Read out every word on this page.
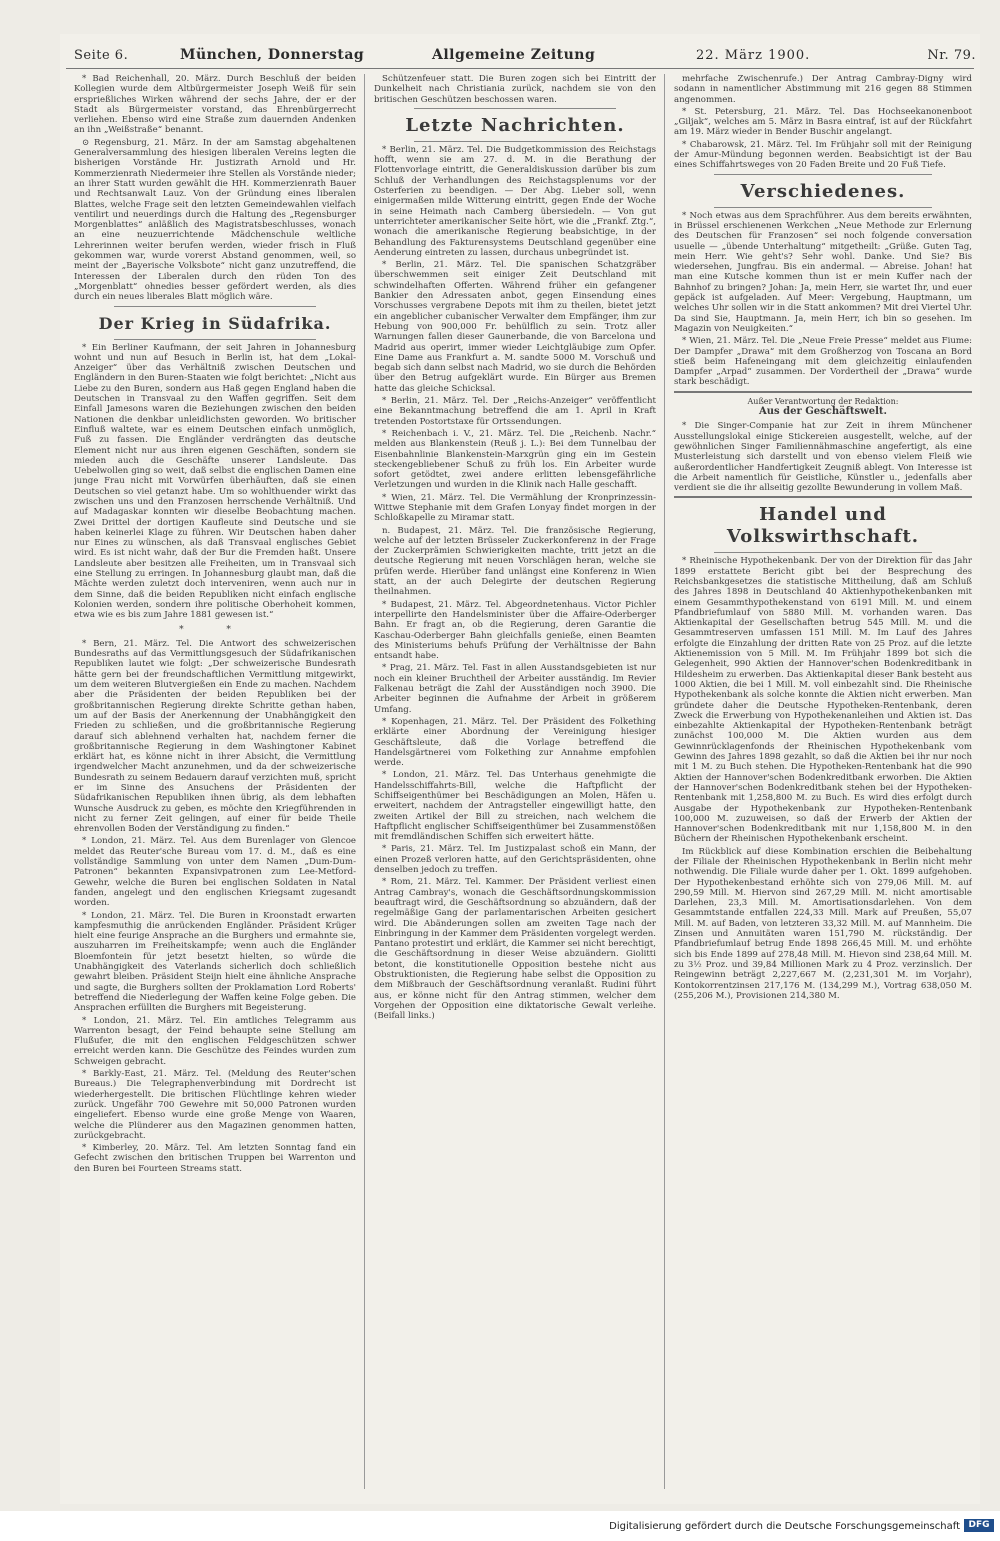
Seite 6.	München, Donnerstag	Allgemeine Zeitung	22. März 1900.	Nr. 79.

* Bad Reichenhall, 20. März. Durch Beschluß der beiden Kollegien wurde dem Altbürgermeister Joseph Weiß für sein ersprießliches Wirken während der sechs Jahre, der er der Stadt als Bürgermeister vorstand, das Ehrenbürgerrecht verliehen. Ebenso wird eine Straße zum dauernden Andenken an ihn „Weißstraße“ benannt.

⊙ Regensburg, 21. März. In der am Samstag abgehaltenen Generalversammlung des hiesigen liberalen Vereins legten die bisherigen Vorstände Hr. Justizrath Arnold und Hr. Kommerzienrath Niedermeier ihre Stellen als Vorstände nieder; an ihrer Statt wurden gewählt die HH. Kommerzienrath Bauer und Rechtsanwalt Lauz. Von der Gründung eines liberalen Blattes, welche Frage seit den letzten Gemeindewahlen vielfach ventilirt und neuerdings durch die Haltung des „Regensburger Morgenblattes“ anläßlich des Magistratsbeschlusses, wonach an eine neuzuerrichtende Mädchenschule weltliche Lehrerinnen weiter berufen werden, wieder frisch in Fluß gekommen war, wurde vorerst Abstand genommen, weil, so meint der „Bayerische Volksbote“ nicht ganz unzutreffend, die Interessen der Liberalen durch den rüden Ton des „Morgenblatt“ ohnedies besser gefördert werden, als dies durch ein neues liberales Blatt möglich wäre.

Der Krieg in Südafrika.

* Ein Berliner Kaufmann, der seit Jahren in Johannesburg wohnt und nun auf Besuch in Berlin ist, hat dem „Lokal-Anzeiger“ über das Verhältniß zwischen Deutschen und Engländern in den Buren-Staaten wie folgt berichtet: „Nicht aus Liebe zu den Buren, sondern aus Haß gegen England haben die Deutschen in Transvaal zu den Waffen gegriffen. Seit dem Einfall Jamesons waren die Beziehungen zwischen den beiden Nationen die denkbar unleidlichsten geworden. Wo britischer Einfluß waltete, war es einem Deutschen einfach unmöglich, Fuß zu fassen. Die Engländer verdrängten das deutsche Element nicht nur aus ihren eigenen Geschäften, sondern sie mieden auch die Geschäfte unserer Landsleute. Das Uebelwollen ging so weit, daß selbst die englischen Damen eine junge Frau nicht mit Vorwürfen überhäuften, daß sie einen Deutschen so viel getanzt habe. Um so wohlthuender wirkt das zwischen uns und den Franzosen herrschende Verhältniß. Und auf Madagaskar konnten wir dieselbe Beobachtung machen. Zwei Drittel der dortigen Kaufleute sind Deutsche und sie haben keinerlei Klage zu führen. Wir Deutschen haben daher nur Eines zu wünschen, als daß Transvaal englisches Gebiet wird. Es ist nicht wahr, daß der Bur die Fremden haßt. Unsere Landsleute aber besitzen alle Freiheiten, um in Transvaal sich eine Stellung zu erringen. In Johannesburg glaubt man, daß die Mächte werden zuletzt doch interveniren, wenn auch nur in dem Sinne, daß die beiden Republiken nicht einfach englische Kolonien werden, sondern ihre politische Oberhoheit kommen, etwa wie es bis zum Jahre 1881 gewesen ist.“

* *

* Bern, 21. März. Tel. Die Antwort des schweizerischen Bundesraths auf das Vermittlungsgesuch der Südafrikanischen Republiken lautet wie folgt: „Der schweizerische Bundesrath hätte gern bei der freundschaftlichen Vermittlung mitgewirkt, um dem weiteren Blutvergießen ein Ende zu machen. Nachdem aber die Präsidenten der beiden Republiken bei der großbritannischen Regierung direkte Schritte gethan haben, um auf der Basis der Anerkennung der Unabhängigkeit den Frieden zu schließen, und die großbritannische Regierung darauf sich ablehnend verhalten hat, nachdem ferner die großbritannische Regierung in dem Washingtoner Kabinet erklärt hat, es könne nicht in ihrer Absicht, die Vermittlung irgendwelcher Macht anzunehmen, und da der schweizerische Bundesrath zu seinem Bedauern darauf verzichten muß, spricht er im Sinne des Ansuchens der Präsidenten der Südafrikanischen Republiken ihnen übrig, als dem lebhaften Wunsche Ausdruck zu geben, es möchte den Kriegführenden in nicht zu ferner Zeit gelingen, auf einer für beide Theile ehrenvollen Boden der Verständigung zu finden.“

* London, 21. März. Tel. Aus dem Burenlager von Glencoe meldet das Reuter'sche Bureau vom 17. d. M., daß es eine vollständige Sammlung von unter dem Namen „Dum-Dum-Patronen“ bekannten Expansivpatronen zum Lee-Metford-Gewehr, welche die Buren bei englischen Soldaten in Natal fanden, angelegt und den englischen Kriegsamt zugesandt worden.

* London, 21. März. Tel. Die Buren in Kroonstadt erwarten kampfesmuthig die anrückenden Engländer. Präsident Krüger hielt eine feurige Ansprache an die Burghers und ermahnte sie, auszuharren im Freiheitskampfe; wenn auch die Engländer Bloemfontein für jetzt besetzt hielten, so würde die Unabhängigkeit des Vaterlands sicherlich doch schließlich gewahrt bleiben. Präsident Steijn hielt eine ähnliche Ansprache und sagte, die Burghers sollten der Proklamation Lord Roberts' betreffend die Niederlegung der Waffen keine Folge geben. Die Ansprachen erfüllten die Burghers mit Begeisterung.

* London, 21. März. Tel. Ein amtliches Telegramm aus Warrenton besagt, der Feind behaupte seine Stellung am Flußufer, die mit den englischen Feldgeschützen schwer erreicht werden kann. Die Geschütze des Feindes wurden zum Schweigen gebracht.

* Barkly-East, 21. März. Tel. (Meldung des Reuter'schen Bureaus.) Die Telegraphenverbindung mit Dordrecht ist wiederhergestellt. Die britischen Flüchtlinge kehren wieder zurück. Ungefähr 700 Gewehre mit 50,000 Patronen wurden eingeliefert. Ebenso wurde eine große Menge von Waaren, welche die Plünderer aus den Magazinen genommen hatten, zurückgebracht.

* Kimberley, 20. März. Tel. Am letzten Sonntag fand ein Gefecht zwischen den britischen Truppen bei Warrenton und den Buren bei Fourteen Streams statt.

Schützenfeuer statt. Die Buren zogen sich bei Eintritt der Dunkelheit nach Christiania zurück, nachdem sie von den britischen Geschützen beschossen waren.

Letzte Nachrichten.

* Berlin, 21. März. Tel. Die Budgetkommission des Reichstags hofft, wenn sie am 27. d. M. in die Berathung der Flottenvorlage eintritt, die Generaldiskussion darüber bis zum Schluß der Verhandlungen des Reichstagsplenums vor der Osterferien zu beendigen. — Der Abg. Lieber soll, wenn einigermaßen milde Witterung eintritt, gegen Ende der Woche in seine Heimath nach Camberg übersiedeln. — Von gut unterrichteter amerikanischer Seite hört, wie die „Frankf. Ztg.“, wonach die amerikanische Regierung beabsichtige, in der Behandlung des Fakturensystems Deutschland gegenüber eine Aenderung eintreten zu lassen, durchaus unbegründet ist.

* Berlin, 21. März. Tel. Die spanischen Schatzgräber überschwemmen seit einiger Zeit Deutschland mit schwindelhaften Offerten. Während früher ein gefangener Bankier den Adressaten anbot, gegen Einsendung eines Vorschusses vergrabene Depots mit ihm zu theilen, bietet jetzt ein angeblicher cubanischer Verwalter dem Empfänger, ihm zur Hebung von 900,000 Fr. behülflich zu sein. Trotz aller Warnungen fallen dieser Gaunerbande, die von Barcelona und Madrid aus operirt, immer wieder Leichtgläubige zum Opfer. Eine Dame aus Frankfurt a. M. sandte 5000 M. Vorschuß und begab sich dann selbst nach Madrid, wo sie durch die Behörden über den Betrug aufgeklärt wurde. Ein Bürger aus Bremen hatte das gleiche Schicksal.

* Berlin, 21. März. Tel. Der „Reichs-Anzeiger“ veröffentlicht eine Bekanntmachung betreffend die am 1. April in Kraft tretenden Postortstaxe für Ortssendungen.

* Reichenbach i. V., 21. März. Tel. Die „Reichenb. Nachr.“ melden aus Blankenstein (Reuß j. L.): Bei dem Tunnelbau der Eisenbahnlinie Blankenstein-Marxgrün ging ein im Gestein steckengebliebener Schuß zu früh los. Ein Arbeiter wurde sofort getödtet, zwei andere erlitten lebensgefährliche Verletzungen und wurden in die Klinik nach Halle geschafft.

* Wien, 21. März. Tel. Die Vermählung der Kronprinzessin-Wittwe Stephanie mit dem Grafen Lonyay findet morgen in der Schloßkapelle zu Miramar statt.

n. Budapest, 21. März. Tel. Die französische Regierung, welche auf der letzten Brüsseler Zuckerkonferenz in der Frage der Zuckerprämien Schwierigkeiten machte, tritt jetzt an die deutsche Regierung mit neuen Vorschlägen heran, welche sie prüfen werde. Hierüber fand unlängst eine Konferenz in Wien statt, an der auch Delegirte der deutschen Regierung theilnahmen.

* Budapest, 21. März. Tel. Abgeordnetenhaus. Victor Pichler interpellirte den Handelsminister über die Affaire-Oderberger Bahn. Er fragt an, ob die Regierung, deren Garantie die Kaschau-Oderberger Bahn gleichfalls genieße, einen Beamten des Ministeriums behufs Prüfung der Verhältnisse der Bahn entsandt habe.

* Prag, 21. März. Tel. Fast in allen Ausstandsgebieten ist nur noch ein kleiner Bruchtheil der Arbeiter ausständig. Im Revier Falkenau beträgt die Zahl der Ausständigen noch 3900. Die Arbeiter beginnen die Aufnahme der Arbeit in größerem Umfang.

* Kopenhagen, 21. März. Tel. Der Präsident des Folkething erklärte einer Abordnung der Vereinigung hiesiger Geschäftsleute, daß die Vorlage betreffend die Handelsgärtnerei vom Folkething zur Annahme empfohlen werde.

* London, 21. März. Tel. Das Unterhaus genehmigte die Handelsschiffahrts-Bill, welche die Haftpflicht der Schiffseigenthümer bei Beschädigungen an Molen, Häfen u. erweitert, nachdem der Antragsteller eingewilligt hatte, den zweiten Artikel der Bill zu streichen, nach welchem die Haftpflicht englischer Schiffseigenthümer bei Zusammenstößen mit fremdländischen Schiffen sich erweitert hätte.

* Paris, 21. März. Tel. Im Justizpalast schoß ein Mann, der einen Prozeß verloren hatte, auf den Gerichtspräsidenten, ohne denselben jedoch zu treffen.

* Rom, 21. März. Tel. Kammer. Der Präsident verliest einen Antrag Cambray's, wonach die Geschäftsordnungskommission beauftragt wird, die Geschäftsordnung so abzuändern, daß der regelmäßige Gang der parlamentarischen Arbeiten gesichert wird. Die Abänderungen sollen am zweiten Tage nach der Einbringung in der Kammer dem Präsidenten vorgelegt werden. Pantano protestirt und erklärt, die Kammer sei nicht berechtigt, die Geschäftsordnung in dieser Weise abzuändern. Giolitti betont, die konstitutionelle Opposition bestehe nicht aus Obstruktionisten, die Regierung habe selbst die Opposition zu dem Mißbrauch der Geschäftsordnung veranlaßt. Rudini führt aus, er könne nicht für den Antrag stimmen, welcher dem Vorgehen der Opposition eine diktatorische Gewalt verleihe. (Beifall links.)

mehrfache Zwischenrufe.) Der Antrag Cambray-Digny wird sodann in namentlicher Abstimmung mit 216 gegen 88 Stimmen angenommen.

* St. Petersburg, 21. März. Tel. Das Hochseekanonenboot „Giljak“, welches am 5. März in Basra eintraf, ist auf der Rückfahrt am 19. März wieder in Bender Buschir angelangt.

* Chabarowsk, 21. März. Tel. Im Frühjahr soll mit der Reinigung der Amur-Mündung begonnen werden. Beabsichtigt ist der Bau eines Schiffahrtsweges von 20 Faden Breite und 20 Fuß Tiefe.

Verschiedenes.

* Noch etwas aus dem Sprachführer. Aus dem bereits erwähnten, in Brüssel erschienenen Werkchen „Neue Methode zur Erlernung des Deutschen für Franzosen“ sei noch folgende conversation usuelle — „übende Unterhaltung“ mitgetheilt: „Grüße. Guten Tag, mein Herr. Wie geht's? Sehr wohl. Danke. Und Sie? Bis wiedersehen, Jungfrau. Bis ein andermal. — Abreise. Johan! hat man eine Kutsche kommen thun ist er mein Kuffer nach der Bahnhof zu bringen? Johan: Ja, mein Herr, sie wartet Ihr, und euer gepäck ist aufgeladen. Auf Meer: Vergebung, Hauptmann, um welches Uhr sollen wir in die Statt ankommen? Mit drei Viertel Uhr. Da sind Sie, Hauptmann. Ja, mein Herr, ich bin so gesehen. Im Magazin von Neuigkeiten.“

* Wien, 21. März. Tel. Die „Neue Freie Presse“ meldet aus Fiume: Der Dampfer „Drawa“ mit dem Großherzog von Toscana an Bord stieß beim Hafeneingang mit dem gleichzeitig einlaufenden Dampfer „Arpad“ zusammen. Der Vordertheil der „Drawa“ wurde stark beschädigt.

Außer Verantwortung der Redaktion:
Aus der Geschäftswelt.

* Die Singer-Companie hat zur Zeit in ihrem Münchener Ausstellungslokal einige Stickereien ausgestellt, welche, auf der gewöhnlichen Singer Familiennähmaschine angefertigt, als eine Musterleistung sich darstellt und von ebenso vielem Fleiß wie außerordentlicher Handfertigkeit Zeugniß ablegt. Von Interesse ist die Arbeit namentlich für Geistliche, Künstler u., jedenfalls aber verdient sie die ihr allseitig gezollte Bewunderung in vollem Maß.

Handel und Volkswirthschaft.

* Rheinische Hypothekenbank. Der von der Direktion für das Jahr 1899 erstattete Bericht gibt bei der Besprechung des Reichsbankgesetzes die statistische Mittheilung, daß am Schluß des Jahres 1898 in Deutschland 40 Aktienhypothekenbanken mit einem Gesammthypothekenstand von 6191 Mill. M. und einem Pfandbriefumlauf von 5880 Mill. M. vorhanden waren. Das Aktienkapital der Gesellschaften betrug 545 Mill. M. und die Gesammtreserven umfassen 151 Mill. M. Im Lauf des Jahres erfolgte die Einzahlung der dritten Rate von 25 Proz. auf die letzte Aktienemission von 5 Mill. M. Im Frühjahr 1899 bot sich die Gelegenheit, 990 Aktien der Hannover'schen Bodenkreditbank in Hildesheim zu erwerben. Das Aktienkapital dieser Bank besteht aus 1000 Aktien, die bei 1 Mill. M. voll einbezahlt sind. Die Rheinische Hypothekenbank als solche konnte die Aktien nicht erwerben. Man gründete daher die Deutsche Hypotheken-Rentenbank, deren Zweck die Erwerbung von Hypothekenanleihen und Aktien ist. Das einbezahlte Aktienkapital der Hypotheken-Rentenbank beträgt zunächst 100,000 M. Die Aktien wurden aus dem Gewinnrücklagenfonds der Rheinischen Hypothekenbank vom Gewinn des Jahres 1898 gezahlt, so daß die Aktien bei ihr nur noch mit 1 M. zu Buch stehen. Die Hypotheken-Rentenbank hat die 990 Aktien der Hannover'schen Bodenkreditbank erworben. Die Aktien der Hannover'schen Bodenkreditbank stehen bei der Hypotheken-Rentenbank mit 1,258,800 M. zu Buch. Es wird dies erfolgt durch Ausgabe der Hypothekenbank zur Hypotheken-Rentenbank 100,000 M. zuzuweisen, so daß der Erwerb der Aktien der Hannover'schen Bodenkreditbank mit nur 1,158,800 M. in den Büchern der Rheinischen Hypothekenbank erscheint.

Im Rückblick auf diese Kombination erschien die Beibehaltung der Filiale der Rheinischen Hypothekenbank in Berlin nicht mehr nothwendig. Die Filiale wurde daher per 1. Okt. 1899 aufgehoben. Der Hypothekenbestand erhöhte sich von 279,06 Mill. M. auf 290,59 Mill. M. Hiervon sind 267,29 Mill. M. nicht amortisable Darlehen, 23,3 Mill. M. Amortisationsdarlehen. Von dem Gesammtstande entfallen 224,33 Mill. Mark auf Preußen, 55,07 Mill. M. auf Baden, von letzteren 33,32 Mill. M. auf Mannheim. Die Zinsen und Annuitäten waren 151,790 M. rückständig. Der Pfandbriefumlauf betrug Ende 1898 266,45 Mill. M. und erhöhte sich bis Ende 1899 auf 278,48 Mill. M. Hievon sind 238,64 Mill. M. zu 3½ Proz. und 39,84 Millionen Mark zu 4 Proz. verzinslich. Der Reingewinn beträgt 2,227,667 M. (2,231,301 M. im Vorjahr), Kontokorrentzinsen 217,176 M. (134,299 M.), Vortrag 638,050 M. (255,206 M.), Provisionen 214,380 M.

Digitalisierung gefördert durch die Deutsche Forschungsgemeinschaft DFG
